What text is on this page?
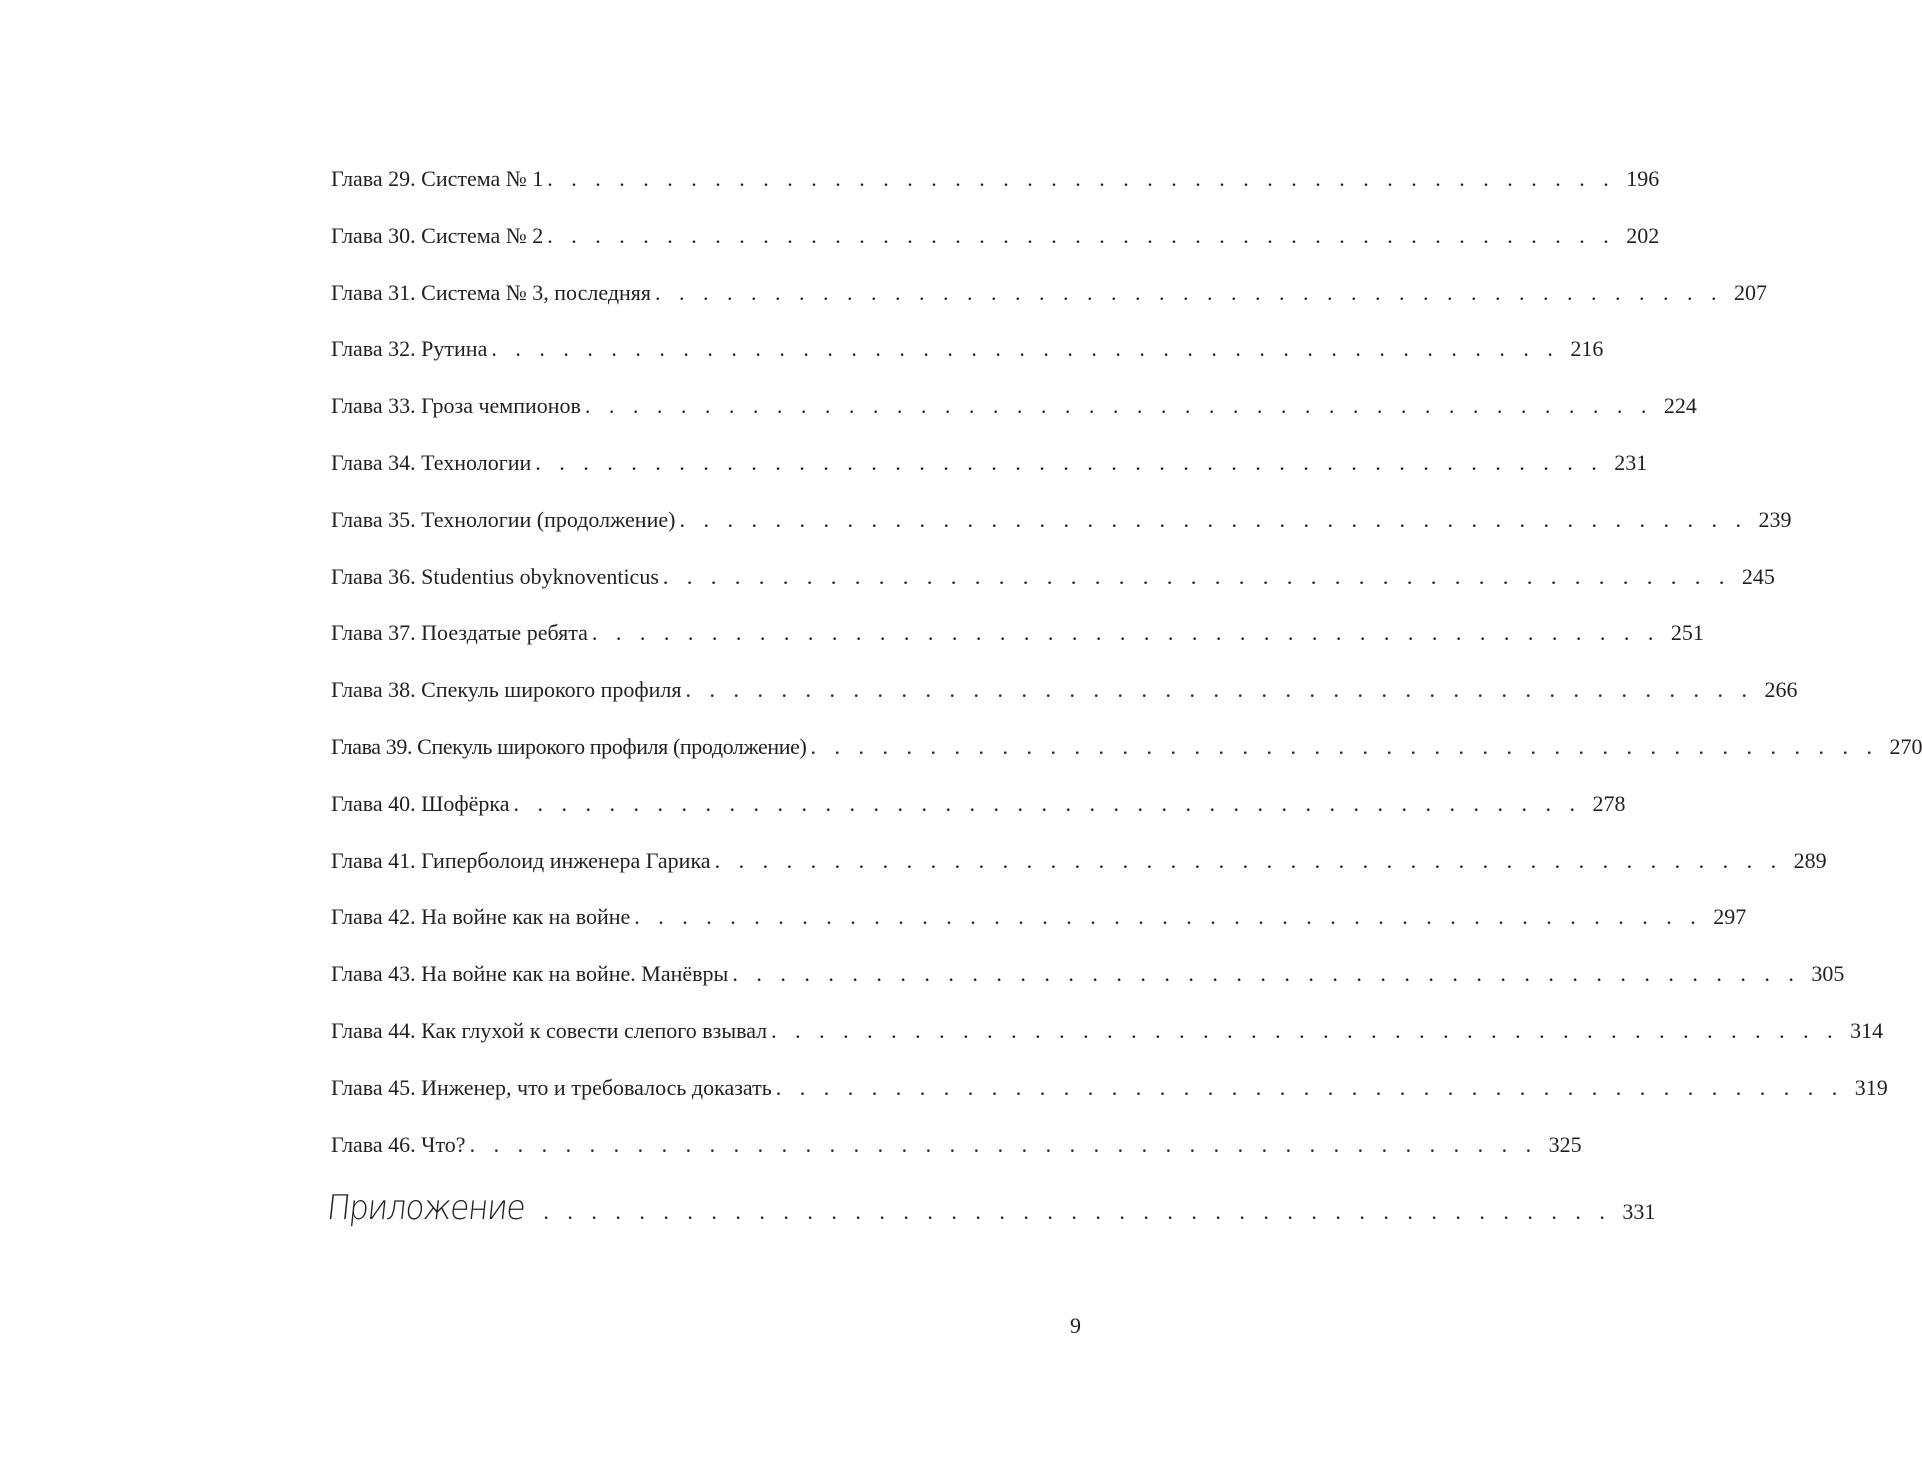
Глава 29. Система № 1 . . . . . . . . . . . . . . . . . . . . . . . . . . . . . . . . . . . . . . . . . . . . . 196
Глава 30. Система № 2 . . . . . . . . . . . . . . . . . . . . . . . . . . . . . . . . . . . . . . . . . . . . . 202
Глава 31. Система № 3, последняя . . . . . . . . . . . . . . . . . . . . . . . . . . . . . . . . . . . . . . . . . . . . . 207
Глава 32. Рутина . . . . . . . . . . . . . . . . . . . . . . . . . . . . . . . . . . . . . . . . . . . . . 216
Глава 33. Гроза чемпионов . . . . . . . . . . . . . . . . . . . . . . . . . . . . . . . . . . . . . . . . . . . . . 224
Глава 34. Технологии . . . . . . . . . . . . . . . . . . . . . . . . . . . . . . . . . . . . . . . . . . . . . 231
Глава 35. Технологии (продолжение) . . . . . . . . . . . . . . . . . . . . . . . . . . . . . . . . . . . . . . . . . . . . . 239
Глава 36. Studentius obyknoventicus . . . . . . . . . . . . . . . . . . . . . . . . . . . . . . . . . . . . . . . . . . . . . 245
Глава 37. Поездатые ребята . . . . . . . . . . . . . . . . . . . . . . . . . . . . . . . . . . . . . . . . . . . . . 251
Глава 38. Спекуль широкого профиля . . . . . . . . . . . . . . . . . . . . . . . . . . . . . . . . . . . . . . . . . . . . . 266
Глава 39. Спекуль широкого профиля (продолжение) . . . . . . . . . . . . . . . . . . . . . . . . . . . . . . . . . . . . . . . . . . . . . 270
Глава 40. Шофёрка . . . . . . . . . . . . . . . . . . . . . . . . . . . . . . . . . . . . . . . . . . . . . 278
Глава 41. Гиперболоид инженера Гарика . . . . . . . . . . . . . . . . . . . . . . . . . . . . . . . . . . . . . . . . . . . . . 289
Глава 42. На войне как на войне . . . . . . . . . . . . . . . . . . . . . . . . . . . . . . . . . . . . . . . . . . . . . 297
Глава 43. На войне как на войне. Манёвры . . . . . . . . . . . . . . . . . . . . . . . . . . . . . . . . . . . . . . . . . . . . . 305
Глава 44. Как глухой к совести слепого взывал . . . . . . . . . . . . . . . . . . . . . . . . . . . . . . . . . . . . . . . . . . . . . 314
Глава 45. Инженер, что и требовалось доказать . . . . . . . . . . . . . . . . . . . . . . . . . . . . . . . . . . . . . . . . . . . . . 319
Глава 46. Что? . . . . . . . . . . . . . . . . . . . . . . . . . . . . . . . . . . . . . . . . . . . . . 325
Приложение . . . . . . . . . . . . . . . . . . . . . . . . . . . . . . . . . . . . . . . . . . . . . 331
9
